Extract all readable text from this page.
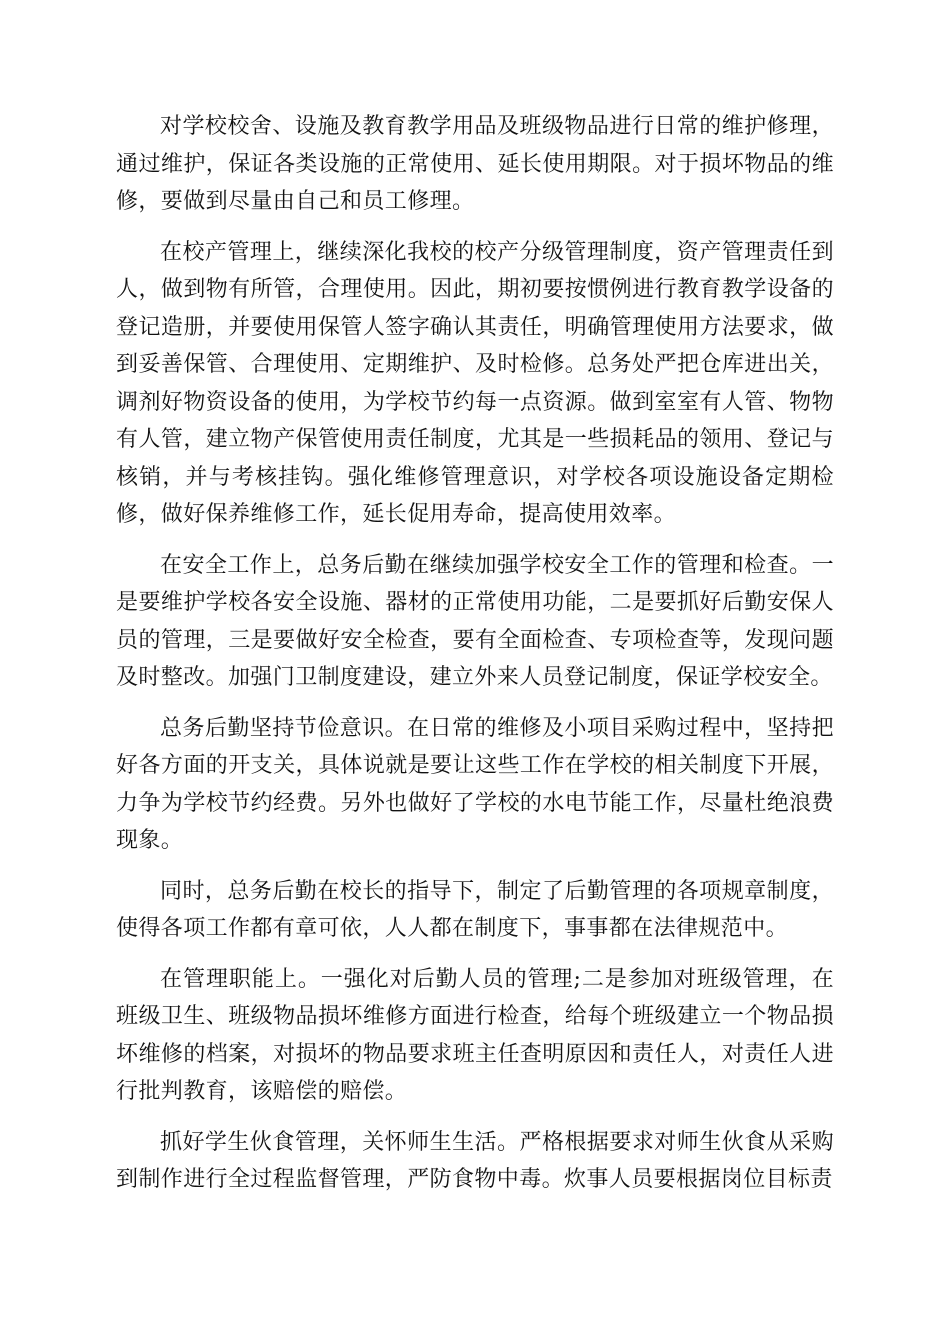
对学校校舍、设施及教育教学用品及班级物品进行日常的维护修理，通过维护，保证各类设施的正常使用、延长使用期限。对于损坏物品的维修，要做到尽量由自己和员工修理。

在校产管理上，继续深化我校的校产分级管理制度，资产管理责任到人，做到物有所管，合理使用。因此，期初要按惯例进行教育教学设备的登记造册，并要使用保管人签字确认其责任，明确管理使用方法要求，做到妥善保管、合理使用、定期维护、及时检修。总务处严把仓库进出关，调剂好物资设备的使用，为学校节约每一点资源。做到室室有人管、物物有人管，建立物产保管使用责任制度，尤其是一些损耗品的领用、登记与核销，并与考核挂钩。强化维修管理意识，对学校各项设施设备定期检修，做好保养维修工作，延长促用寿命，提高使用效率。

在安全工作上，总务后勤在继续加强学校安全工作的管理和检查。一是要维护学校各安全设施、器材的正常使用功能，二是要抓好后勤安保人员的管理，三是要做好安全检查，要有全面检查、专项检查等，发现问题及时整改。加强门卫制度建设，建立外来人员登记制度，保证学校安全。

总务后勤坚持节俭意识。在日常的维修及小项目采购过程中，坚持把好各方面的开支关，具体说就是要让这些工作在学校的相关制度下开展，力争为学校节约经费。另外也做好了学校的水电节能工作，尽量杜绝浪费现象。

同时，总务后勤在校长的指导下，制定了后勤管理的各项规章制度，使得各项工作都有章可依，人人都在制度下，事事都在法律规范中。

在管理职能上。一强化对后勤人员的管理;二是参加对班级管理，在班级卫生、班级物品损坏维修方面进行检查，给每个班级建立一个物品损坏维修的档案，对损坏的物品要求班主任查明原因和责任人，对责任人进行批判教育，该赔偿的赔偿。

抓好学生伙食管理，关怀师生生活。严格根据要求对师生伙食从采购到制作进行全过程监督管理，严防食物中毒。炊事人员要根据岗位目标责
